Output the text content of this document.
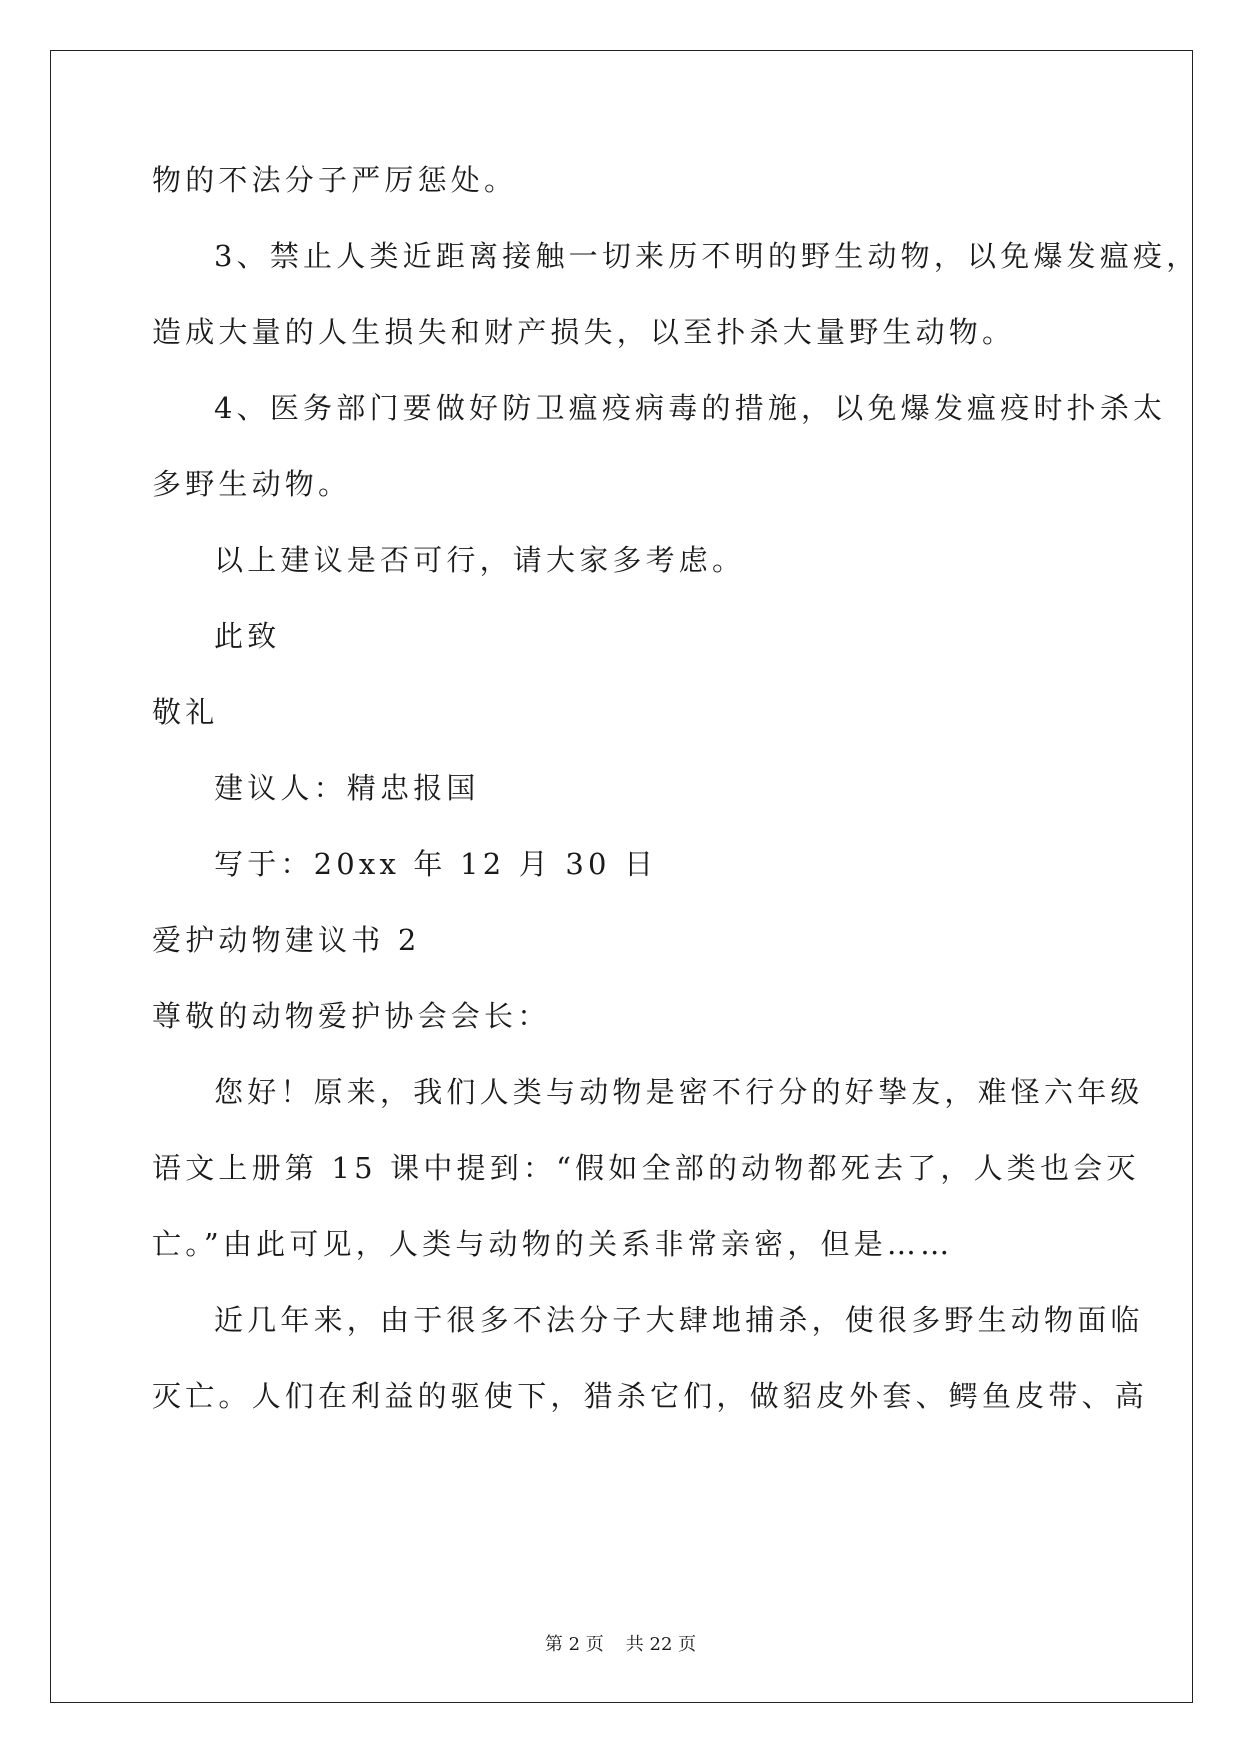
物的不法分子严厉惩处。
3、禁止人类近距离接触一切来历不明的野生动物，以免爆发瘟疫，
造成大量的人生损失和财产损失，以至扑杀大量野生动物。
4、医务部门要做好防卫瘟疫病毒的措施，以免爆发瘟疫时扑杀太
多野生动物。
以上建议是否可行，请大家多考虑。
此致
敬礼
建议人：精忠报国
写于：20xx 年 12 月 30 日
爱护动物建议书 2
尊敬的动物爱护协会会长：
您好！原来，我们人类与动物是密不行分的好挚友，难怪六年级
语文上册第 15 课中提到：“假如全部的动物都死去了，人类也会灭
亡。”由此可见，人类与动物的关系非常亲密，但是……
近几年来，由于很多不法分子大肆地捕杀，使很多野生动物面临
灭亡。人们在利益的驱使下，猎杀它们，做貂皮外套、鳄鱼皮带、高
第 2 页 共 22 页
